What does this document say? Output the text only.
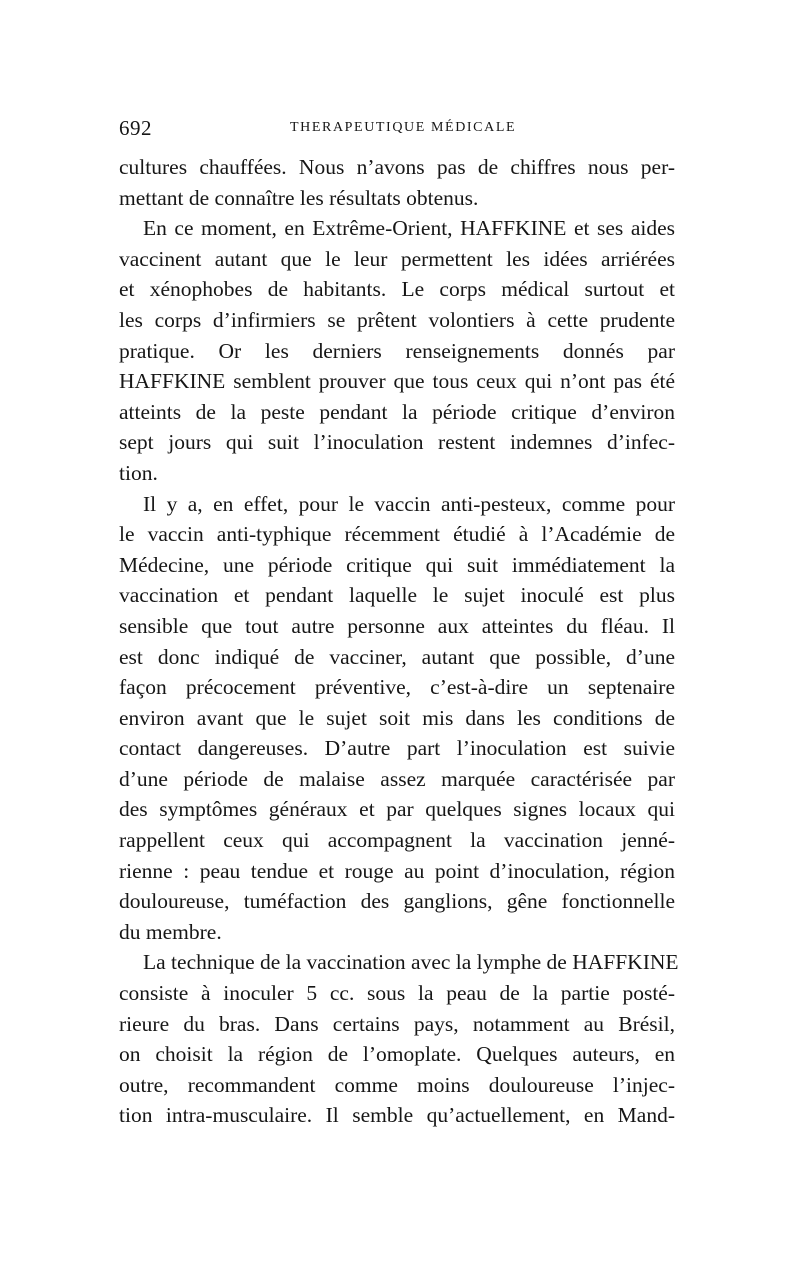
692	THERAPEUTIQUE MÉDICALE
cultures chauffées. Nous n’avons pas de chiffres nous per-
mettant de connaître les résultats obtenus.
En ce moment, en Extrême-Orient, HAFFKINE et ses aides
vaccinent autant que le leur permettent les idées arriérées
et xénophobes de habitants. Le corps médical surtout et
les corps d’infirmiers se prêtent volontiers à cette prudente
pratique. Or les derniers renseignements donnés par
HAFFKINE semblent prouver que tous ceux qui n’ont pas été
atteints de la peste pendant la période critique d’environ
sept jours qui suit l’inoculation restent indemnes d’infec-
tion.
Il y a, en effet, pour le vaccin anti-pesteux, comme pour
le vaccin anti-typhique récemment étudié à l’Académie de
Médecine, une période critique qui suit immédiatement la
vaccination et pendant laquelle le sujet inoculé est plus
sensible que tout autre personne aux atteintes du fléau. Il
est donc indiqué de vacciner, autant que possible, d’une
façon précocement préventive, c’est-à-dire un septenaire
environ avant que le sujet soit mis dans les conditions de
contact dangereuses. D’autre part l’inoculation est suivie
d’une période de malaise assez marquée caractérisée par
des symptômes généraux et par quelques signes locaux qui
rappellent ceux qui accompagnent la vaccination jenné-
rienne : peau tendue et rouge au point d’inoculation, région
douloureuse, tuméfaction des ganglions, gêne fonctionnelle
du membre.
La technique de la vaccination avec la lymphe de HAFFKINE
consiste à inoculer 5 cc. sous la peau de la partie posté-
rieure du bras. Dans certains pays, notamment au Brésil,
on choisit la région de l’omoplate. Quelques auteurs, en
outre, recommandent comme moins douloureuse l’injec-
tion intra-musculaire. Il semble qu’actuellement, en Mand-
